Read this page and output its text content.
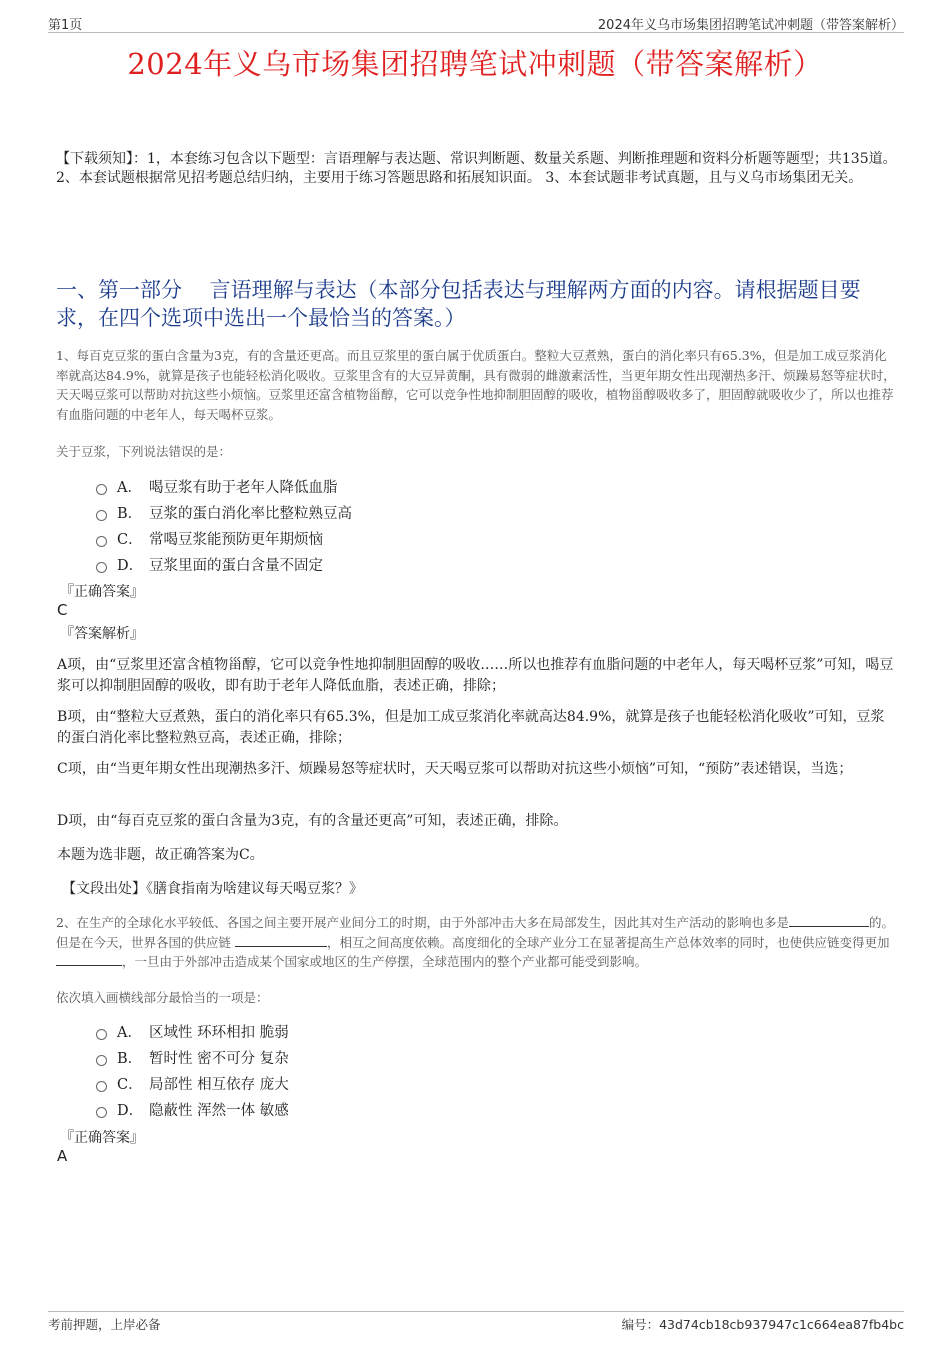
第1页	2024年义乌市场集团招聘笔试冲刺题（带答案解析）
2024年义乌市场集团招聘笔试冲刺题（带答案解析）
【下载须知】：1，本套练习包含以下题型：言语理解与表达题、常识判断题、数量关系题、判断推理题和资料分析题等题型；共135道。 2、本套试题根据常见招考题总结归纳，主要用于练习答题思路和拓展知识面。 3、本套试题非考试真题，且与义乌市场集团无关。
一、第一部分　 言语理解与表达（本部分包括表达与理解两方面的内容。请根据题目要求，在四个选项中选出一个最恰当的答案。）
1、每百克豆浆的蛋白含量为3克，有的含量还更高。而且豆浆里的蛋白属于优质蛋白。整粒大豆煮熟，蛋白的消化率只有65.3%，但是加工成豆浆消化率就高达84.9%，就算是孩子也能轻松消化吸收。豆浆里含有的大豆异黄酮，具有微弱的雌激素活性，当更年期女性出现潮热多汗、烦躁易怒等症状时，天天喝豆浆可以帮助对抗这些小烦恼。豆浆里还富含植物甾醇，它可以竞争性地抑制胆固醇的吸收，植物甾醇吸收多了，胆固醇就吸收少了，所以也推荐有血脂问题的中老年人，每天喝杯豆浆。
关于豆浆，下列说法错误的是：
A． 喝豆浆有助于老年人降低血脂
B． 豆浆的蛋白消化率比整粒熟豆高
C． 常喝豆浆能预防更年期烦恼
D． 豆浆里面的蛋白含量不固定
『正确答案』
C
『答案解析』
A项，由“豆浆里还富含植物甾醇，它可以竞争性地抑制胆固醇的吸收……所以也推荐有血脂问题的中老年人，每天喝杯豆浆”可知，喝豆浆可以抑制胆固醇的吸收，即有助于老年人降低血脂，表述正确，排除；
B项，由“整粒大豆煮熟，蛋白的消化率只有65.3%，但是加工成豆浆消化率就高达84.9%，就算是孩子也能轻松消化吸收”可知，豆浆的蛋白消化率比整粒熟豆高，表述正确，排除；
C项，由“当更年期女性出现潮热多汗、烦躁易怒等症状时，天天喝豆浆可以帮助对抗这些小烦恼”可知，“预防”表述错误，当选；
D项，由“每百克豆浆的蛋白含量为3克，有的含量还更高”可知，表述正确，排除。
本题为选非题，故正确答案为C。
【文段出处】《膳食指南为啥建议每天喝豆浆？》
2、在生产的全球化水平较低、各国之间主要开展产业间分工的时期，由于外部冲击大多在局部发生，因此其对生产活动的影响也多是	的。但是在今天，世界各国的供应链	，相互之间高度依赖。高度细化的全球产业分工在显著提高生产总体效率的同时，也使供应链变得更加 ，一旦由于外部冲击造成某个国家或地区的生产停摆，全球范围内的整个产业都可能受到影响。
依次填入画横线部分最恰当的一项是：
A． 区域性 环环相扣 脆弱
B． 暂时性 密不可分 复杂
C． 局部性 相互依存 庞大
D． 隐蔽性 浑然一体 敏感
『正确答案』
A
考前押题，上岸必备	编号：43d74cb18cb937947c1c664ea87fb4bc
